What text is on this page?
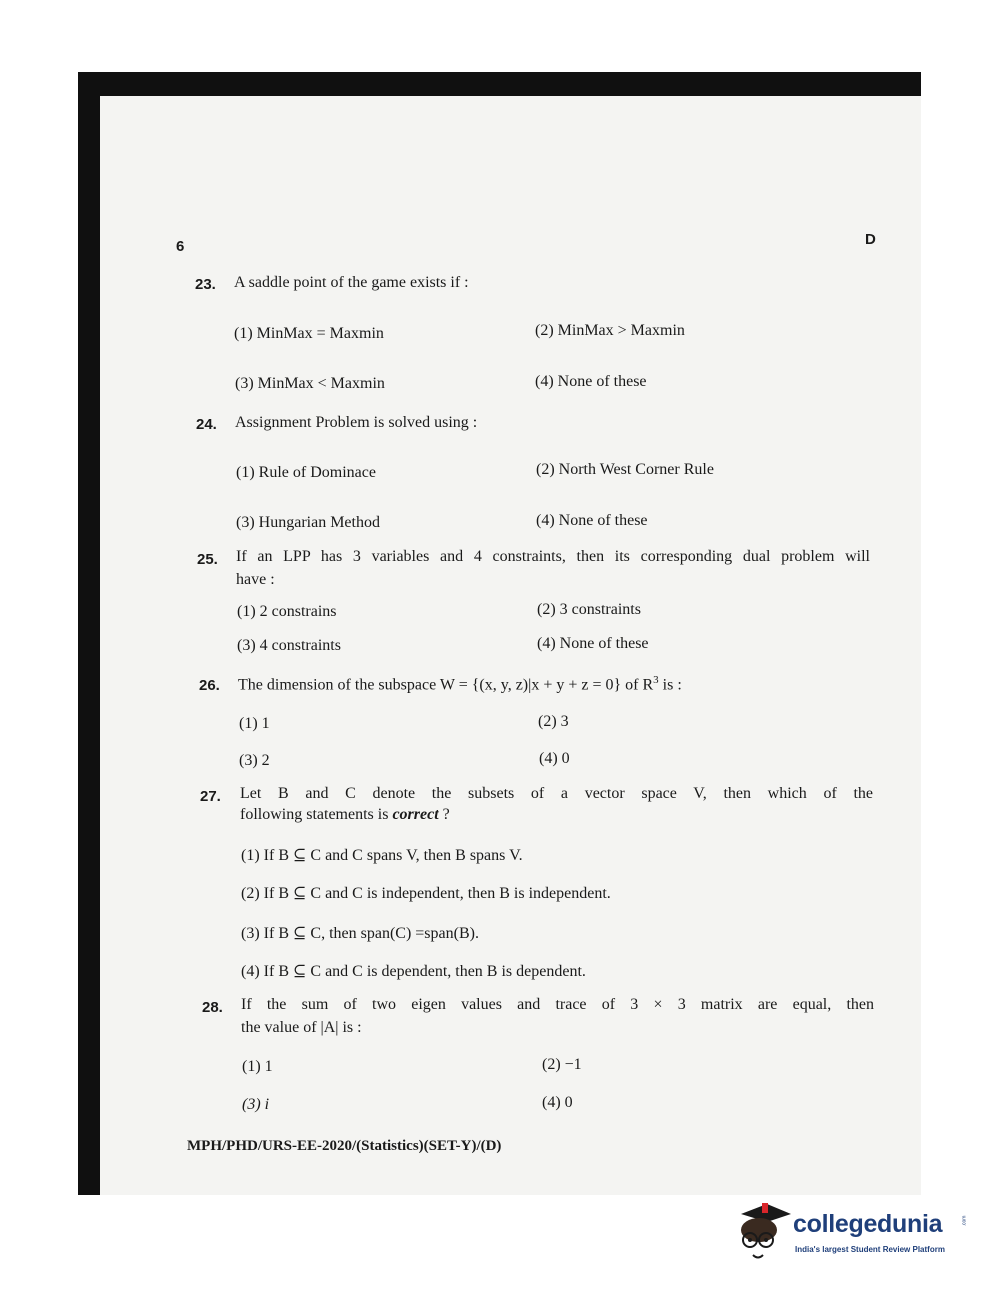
6	D
23. A saddle point of the game exists if :
(1) MinMax = Maxmin	(2) MinMax > Maxmin
(3) MinMax < Maxmin	(4) None of these
24. Assignment Problem is solved using :
(1) Rule of Dominace	(2) North West Corner Rule
(3) Hungarian Method	(4) None of these
25. If an LPP has 3 variables and 4 constraints, then its corresponding dual problem will
have :
(1) 2 constrains	(2) 3 constraints
(3) 4 constraints	(4) None of these
26. The dimension of the subspace W = {(x, y, z)|x + y + z = 0} of $R^3$ is :
(1) 1	(2) 3
(3) 2	(4) 0
27. Let B and C denote the subsets of a vector space V, then which of the
following statements is correct ?
(1) If B ⊆ C and C spans V, then B spans V.
(2) If B ⊆ C and C is independent, then B is independent.
(3) If B ⊆ C, then span(C) =span(B).
(4) If B ⊆ C and C is dependent, then B is dependent.
28. If the sum of two eigen values and trace of 3 × 3 matrix are equal, then
the value of |A| is :
(1) 1	(2) −1
(3) i	(4) 0
MPH/PHD/URS-EE-2020/(Statistics)(SET-Y)/(D)
collegedunia
India's largest Student Review Platform
.com
